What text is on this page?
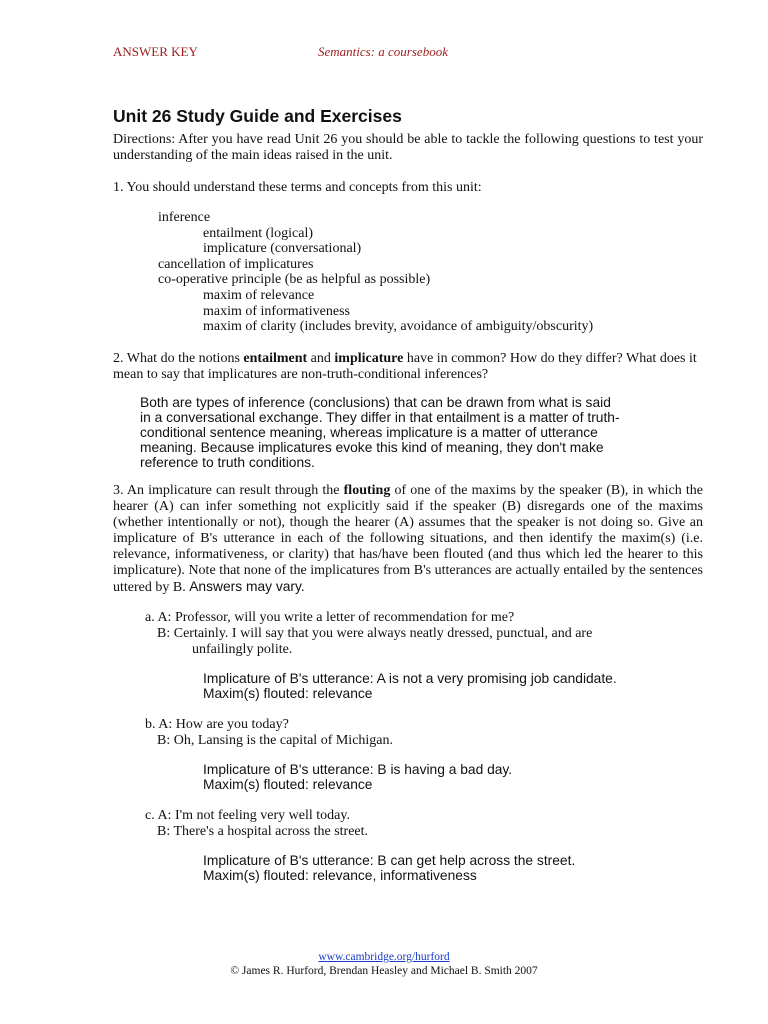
ANSWER KEY	Semantics: a coursebook
Unit 26 Study Guide and Exercises

Directions: After you have read Unit 26 you should be able to tackle the following questions to test your understanding of the main ideas raised in the unit.

1. You should understand these terms and concepts from this unit:

inference
entailment (logical)
implicature (conversational)
cancellation of implicatures
co-operative principle (be as helpful as possible)
maxim of relevance
maxim of informativeness
maxim of clarity (includes brevity, avoidance of ambiguity/obscurity)

2. What do the notions entailment and implicature have in common? How do they differ? What does it mean to say that implicatures are non-truth-conditional inferences?

Both are types of inference (conclusions) that can be drawn from what is said
in a conversational exchange. They differ in that entailment is a matter of truth-
conditional sentence meaning, whereas implicature is a matter of utterance
meaning. Because implicatures evoke this kind of meaning, they don't make
reference to truth conditions.

3. An implicature can result through the flouting of one of the maxims by the speaker (B), in which the hearer (A) can infer something not explicitly said if the speaker (B) disregards one of the maxims (whether intentionally or not), though the hearer (A) assumes that the speaker is not doing so. Give an implicature of B's utterance in each of the following situations, and then identify the maxim(s) (i.e. relevance, informativeness, or clarity) that has/have been flouted (and thus which led the hearer to this implicature). Note that none of the implicatures from B's utterances are actually entailed by the sentences uttered by B. Answers may vary.

a. A: Professor, will you write a letter of recommendation for me?
B: Certainly. I will say that you were always neatly dressed, punctual, and are
unfailingly polite.
Implicature of B's utterance: A is not a very promising job candidate.
Maxim(s) flouted: relevance
b. A: How are you today?
B: Oh, Lansing is the capital of Michigan.
Implicature of B's utterance: B is having a bad day.
Maxim(s) flouted: relevance
c. A: I'm not feeling very well today.
B: There's a hospital across the street.
Implicature of B's utterance: B can get help across the street.
Maxim(s) flouted: relevance, informativeness
www.cambridge.org/hurford
© James R. Hurford, Brendan Heasley and Michael B. Smith 2007
